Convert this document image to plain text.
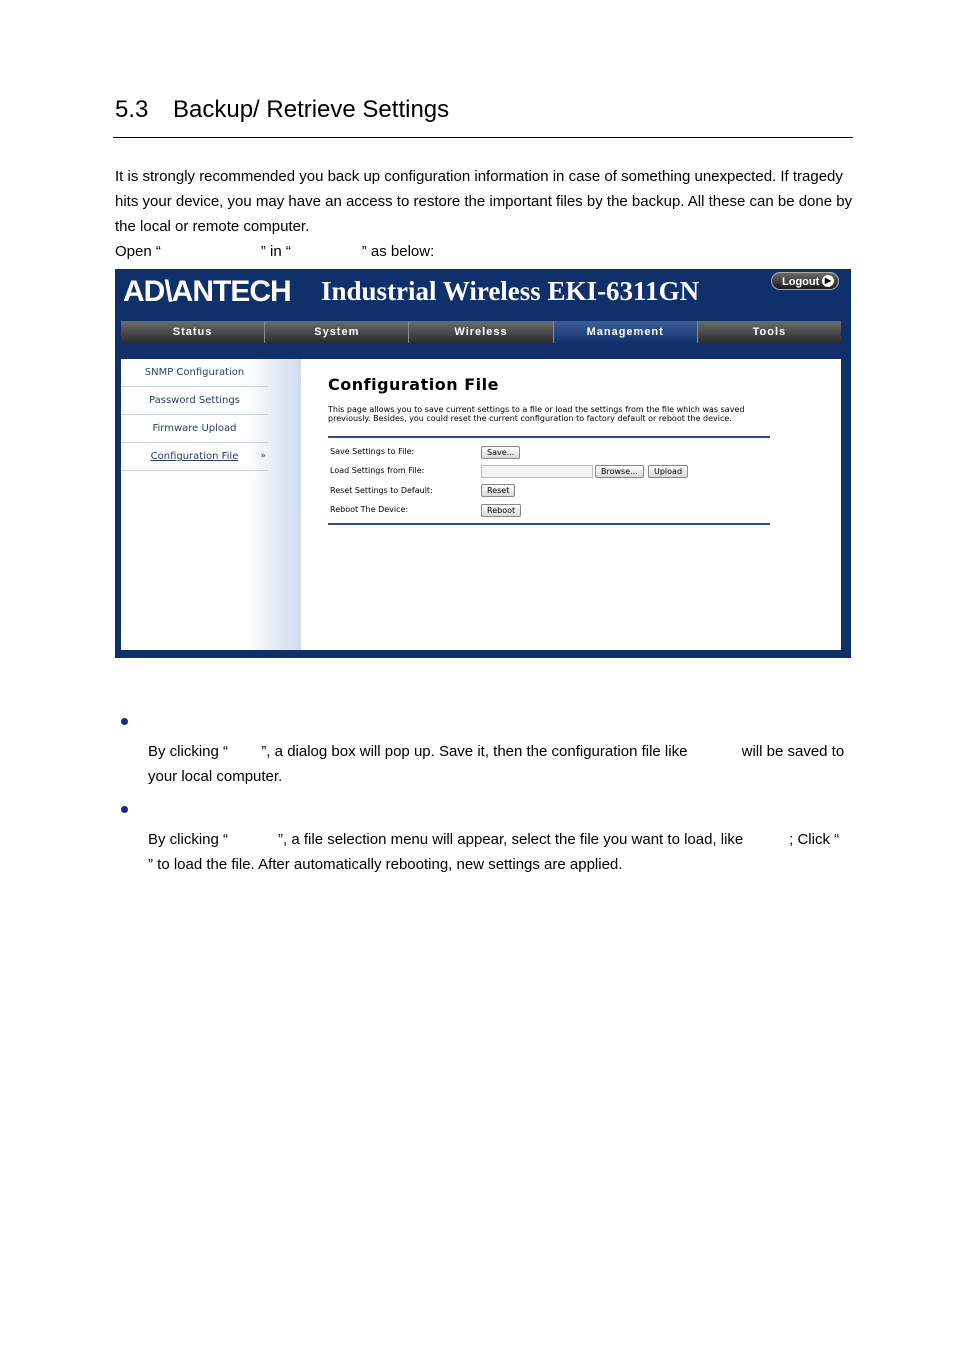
5.3 Backup/ Retrieve Settings
It is strongly recommended you back up configuration information in case of something unexpected. If tragedy hits your device, you may have an access to restore the important files by the backup. All these can be done by the local or remote computer.
Open “                        ” in “                 ” as below:
AD\ANTECH Industrial Wireless EKI-6311GN	Logout ▶
Status	System	Wireless	Management	Tools
SNMP Configuration
Password Settings
Firmware Upload
Configuration File »
Configuration File
This page allows you to save current settings to a file or load the settings from the file which was saved previously. Besides, you could reset the current configuration to factory default or reboot the device.
Save Settings to File:	Save...
Load Settings from File:	Browse...	Upload
Reset Settings to Default:	Reset
Reboot The Device:	Reboot
By clicking “        ”, a dialog box will pop up. Save it, then the configuration file like             will be saved to your local computer.
By clicking “            ”, a file selection menu will appear, select the file you want to load, like           ; Click “            ” to load the file. After automatically rebooting, new settings are applied.
